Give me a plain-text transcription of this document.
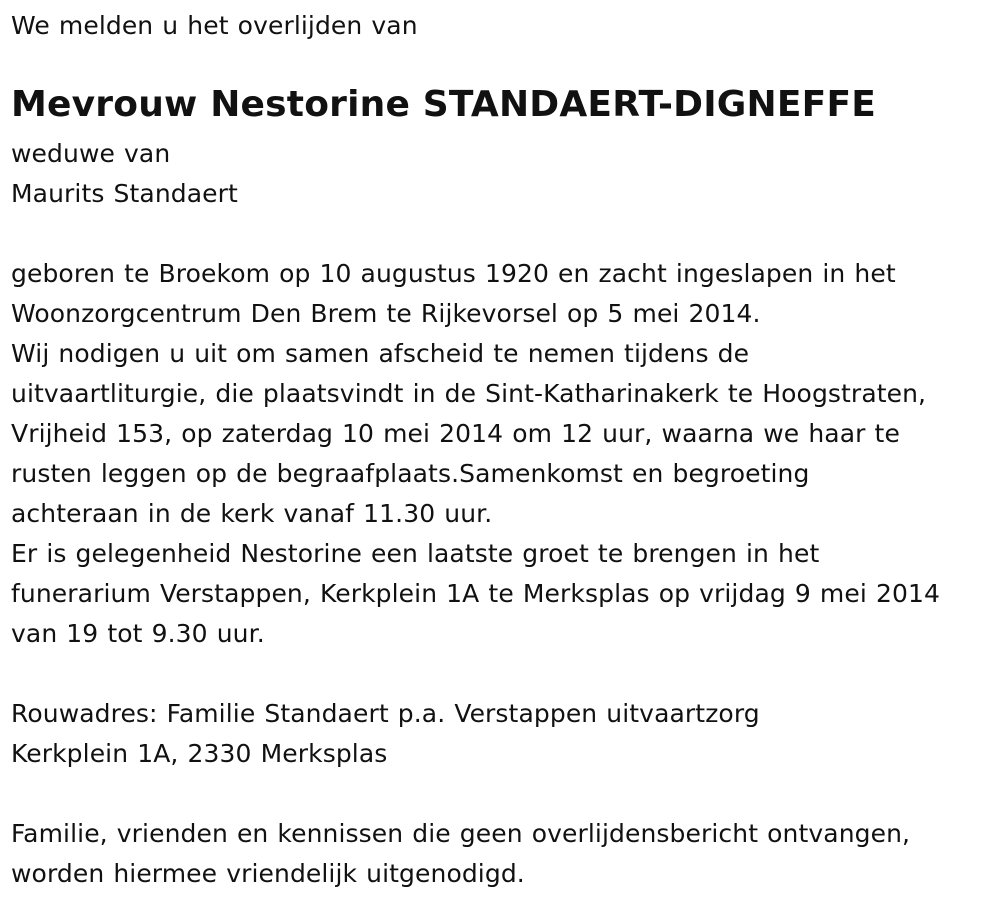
We melden u het overlijden van
Mevrouw Nestorine STANDAERT-DIGNEFFE
weduwe van
Maurits Standaert
geboren te Broekom op 10 augustus 1920 en zacht ingeslapen in het
Woonzorgcentrum Den Brem te Rijkevorsel op 5 mei 2014.
Wij nodigen u uit om samen afscheid te nemen tijdens de
uitvaartliturgie, die plaatsvindt in de Sint-Katharinakerk te Hoogstraten,
Vrijheid 153, op zaterdag 10 mei 2014 om 12 uur, waarna we haar te
rusten leggen op de begraafplaats.Samenkomst en begroeting
achteraan in de kerk vanaf 11.30 uur.
Er is gelegenheid Nestorine een laatste groet te brengen in het
funerarium Verstappen, Kerkplein 1A te Merksplas op vrijdag 9 mei 2014
van 19 tot 9.30 uur.
Rouwadres: Familie Standaert p.a. Verstappen uitvaartzorg
Kerkplein 1A, 2330 Merksplas
Familie, vrienden en kennissen die geen overlijdensbericht ontvangen,
worden hiermee vriendelijk uitgenodigd.
